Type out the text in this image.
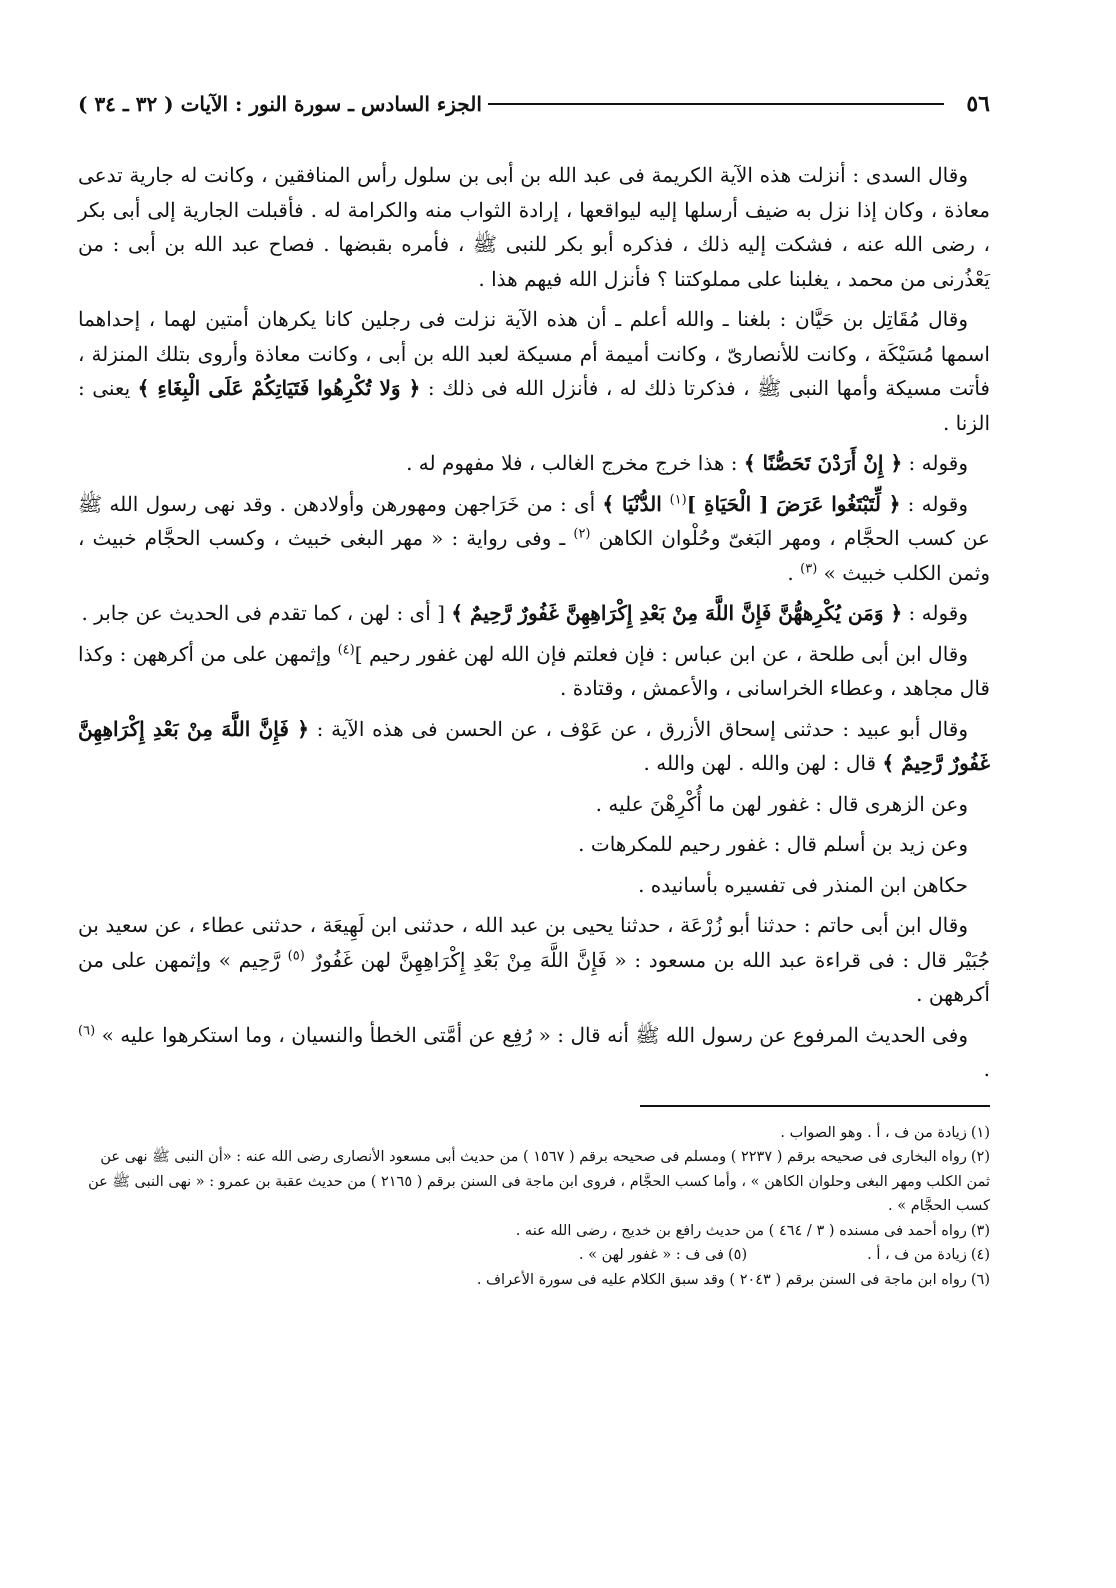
٥٦
الجزء السادس ـ سورة النور : الآيات ( ٣٢ ـ ٣٤ )

وقال السدى : أنزلت هذه الآية الكريمة فى عبد الله بن أبى بن سلول رأس المنافقين ، وكانت له جارية تدعى معاذة ، وكان إذا نزل به ضيف أرسلها إليه ليواقعها ، إرادة الثواب منه والكرامة له . فأقبلت الجارية إلى أبى بكر ، رضى الله عنه ، فشكت إليه ذلك ، فذكره أبو بكر للنبى ﷺ ، فأمره بقبضها . فصاح عبد الله بن أبى : من يَعْذُرنى من محمد ، يغلبنا على مملوكتنا ؟ فأنزل الله فيهم هذا .

وقال مُقَاتِل بن حَيَّان : بلغنا ـ والله أعلم ـ أن هذه الآية نزلت فى رجلين كانا يكرهان أمتين لهما ، إحداهما اسمها مُسَيْكَة ، وكانت للأنصارىّ ، وكانت أميمة أم مسيكة لعبد الله بن أبى ، وكانت معاذة وأروى بتلك المنزلة ، فأتت مسيكة وأمها النبى ﷺ ، فذكرتا ذلك له ، فأنزل الله فى ذلك : ﴿ وَلا تُكْرِهُوا فَتَيَاتِكُمْ عَلَى الْبِغَاءِ ﴾ يعنى : الزنا .

وقوله : ﴿ إِنْ أَرَدْنَ تَحَصُّنًا ﴾ : هذا خرج مخرج الغالب ، فلا مفهوم له .

وقوله : ﴿ لِّتَبْتَغُوا عَرَضَ [ الْحَيَاةِ ]$^{(١)}$ الدُّنْيَا ﴾ أى : من خَرَاجهن ومهورهن وأولادهن . وقد نهى رسول الله ﷺ عن كسب الحجَّام ، ومهر البَغىّ وحُلْوان الكاهن $^{(٢)}$ ـ وفى رواية : « مهر البغى خبيث ، وكسب الحجَّام خبيث ، وثمن الكلب خبيث » $^{(٣)}$ .

وقوله : ﴿ وَمَن يُكْرِههُّنَّ فَإِنَّ اللَّهَ مِنْ بَعْدِ إِكْرَاهِهِنَّ غَفُورٌ رَّحِيمٌ ﴾ [ أى : لهن ، كما تقدم فى الحديث عن جابر .

وقال ابن أبى طلحة ، عن ابن عباس : فإن فعلتم فإن الله لهن غفور رحيم ]$^{(٤)}$ وإثمهن على من أكرههن : وكذا قال مجاهد ، وعطاء الخراسانى ، والأعمش ، وقتادة .

وقال أبو عبيد : حدثنى إسحاق الأزرق ، عن عَوْف ، عن الحسن فى هذه الآية : ﴿ فَإِنَّ اللَّهَ مِنْ بَعْدِ إِكْرَاهِهِنَّ غَفُورٌ رَّحِيمٌ ﴾ قال : لهن والله . لهن والله .

وعن الزهرى قال : غفور لهن ما أُكْرِهْنَ عليه .

وعن زيد بن أسلم قال : غفور رحيم للمكرهات .

حكاهن ابن المنذر فى تفسيره بأسانيده .

وقال ابن أبى حاتم : حدثنا أبو زُرْعَة ، حدثنا يحيى بن عبد الله ، حدثنى ابن لَهِيعَة ، حدثنى عطاء ، عن سعيد بن جُبَيْر قال : فى قراءة عبد الله بن مسعود : « فَإِنَّ اللَّهَ مِنْ بَعْدِ إِكْرَاهِهِنَّ لهن غَفُورٌ $^{(٥)}$ رَّحِيم » وإثمهن على من أكرههن .

وفى الحديث المرفوع عن رسول الله ﷺ أنه قال : « رُفِع عن أمَّتى الخطأ والنسيان ، وما استكرهوا عليه » $^{(٦)}$ .

(١)زيادة من ف ، أ . وهو الصواب .
(٢)رواه البخارى فى صحيحه برقم ( ٢٢٣٧ ) ومسلم فى صحيحه برقم ( ١٥٦٧ ) من حديث أبى مسعود الأنصارى رضى الله عنه : «أن النبى ﷺ نهى عن ثمن الكلب ومهر البغى وحلوان الكاهن » ، وأما كسب الحجَّام ، فروى ابن ماجة فى السنن برقم ( ٢١٦٥ ) من حديث عقبة بن عمرو : « نهى النبى ﷺ عن كسب الحجَّام » .
(٣)رواه أحمد فى مسنده ( ٣ / ٤٦٤ ) من حديث رافع بن خديج ، رضى الله عنه .
(٤)زيادة من ف ، أ .
(٥)فى ف : « غفور لهن » .
(٦)رواه ابن ماجة فى السنن برقم ( ٢٠٤٣ ) وقد سبق الكلام عليه فى سورة الأعراف .
